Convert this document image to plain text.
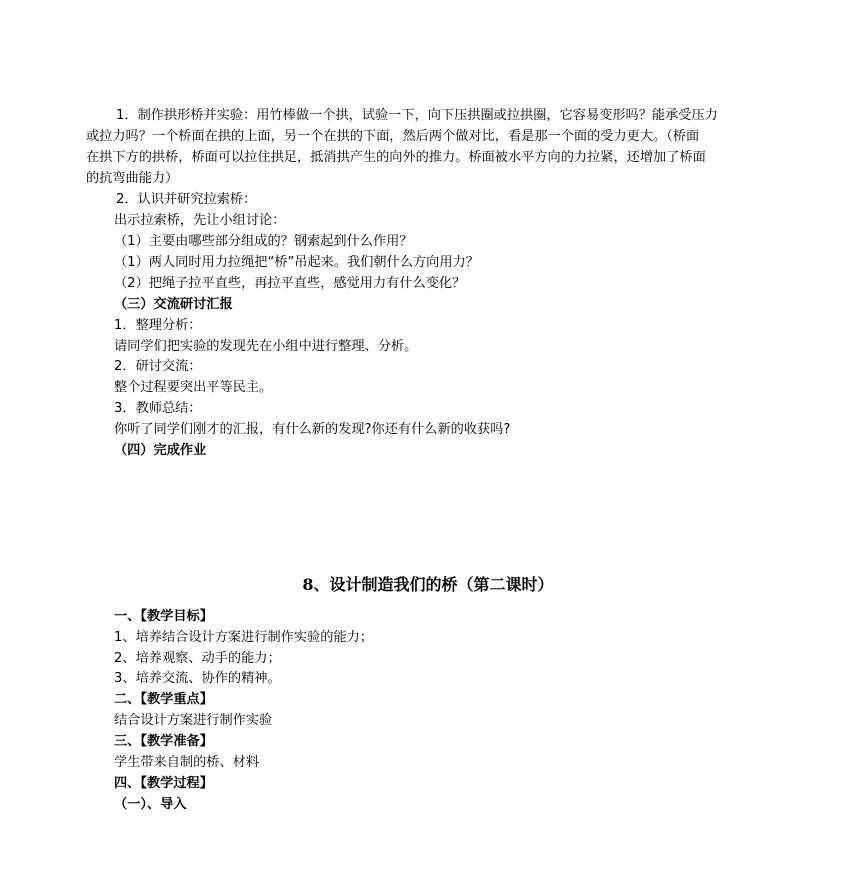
1．制作拱形桥并实验：用竹棒做一个拱，试验一下，向下压拱圈或拉拱圈，它容易变形吗？能承受压力
或拉力吗？一个桥面在拱的上面，另一个在拱的下面，然后两个做对比，看是那一个面的受力更大。（桥面
在拱下方的拱桥，桥面可以拉住拱足，抵消拱产生的向外的推力。桥面被水平方向的力拉紧，还增加了桥面
的抗弯曲能力）
2．认识并研究拉索桥：
出示拉索桥，先让小组讨论：
（1）主要由哪些部分组成的？钢索起到什么作用？
（1）两人同时用力拉绳把“桥”吊起来。我们朝什么方向用力？
（2）把绳子拉平直些，再拉平直些，感觉用力有什么变化？
（三）交流研讨汇报
1．整理分析：
请同学们把实验的发现先在小组中进行整理、分析。
2．研讨交流：
整个过程要突出平等民主。
3．教师总结：
你听了同学们刚才的汇报，有什么新的发现?你还有什么新的收获吗?
（四）完成作业
8、设计制造我们的桥（第二课时）
一、【教学目标】
1、培养结合设计方案进行制作实验的能力；
2、培养观察、动手的能力；
3、培养交流、协作的精神。
二、【教学重点】
结合设计方案进行制作实验
三、【教学准备】
学生带来自制的桥、材料
四、【教学过程】
（一）、导入
